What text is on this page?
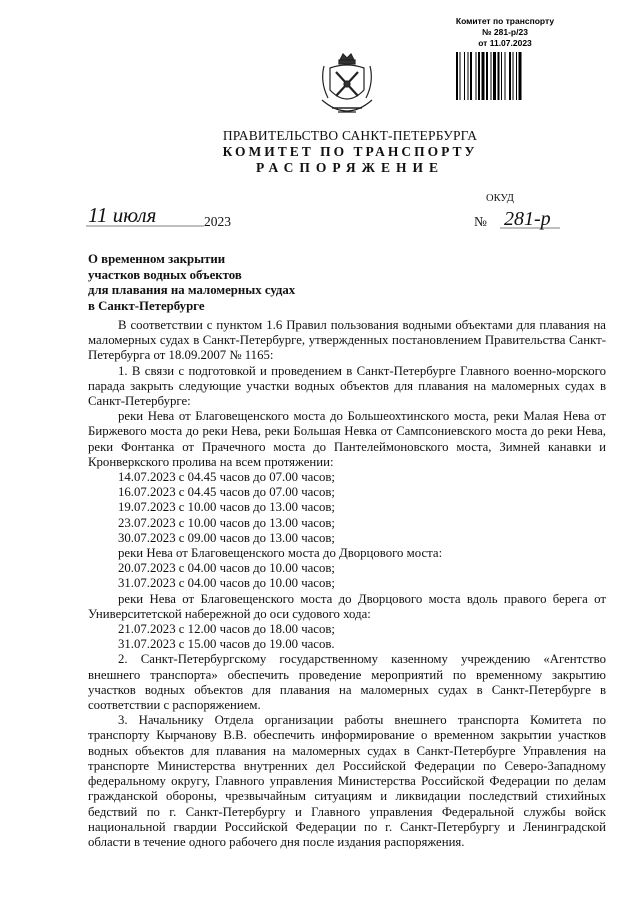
Комитет по транспорту
№ 281-р/23
от 11.07.2023
ПРАВИТЕЛЬСТВО САНКТ-ПЕТЕРБУРГА
КОМИТЕТ ПО ТРАНСПОРТУ
РАСПОРЯЖЕНИЕ
ОКУД
11 июля	2023	№ 281-р
О временном закрытии
участков водных объектов
для плавания на маломерных судах
в Санкт-Петербурге

В соответствии с пунктом 1.6 Правил пользования водными объектами для плавания на маломерных судах в Санкт-Петербурге, утвержденных постановлением Правительства Санкт-Петербурга от 18.09.2007 № 1165:

1. В связи с подготовкой и проведением в Санкт-Петербурге Главного военно-морского парада закрыть следующие участки водных объектов для плавания на маломерных судах в Санкт-Петербурге:

реки Нева от Благовещенского моста до Большеохтинского моста, реки Малая Нева от Биржевого моста до реки Нева, реки Большая Невка от Сампсониевского моста до реки Нева, реки Фонтанка от Прачечного моста до Пантелеймоновского моста, Зимней канавки и Кронверкского пролива на всем протяжении:

14.07.2023 с 04.45 часов до 07.00 часов;

16.07.2023 с 04.45 часов до 07.00 часов;

19.07.2023 с 10.00 часов до 13.00 часов;

23.07.2023 с 10.00 часов до 13.00 часов;

30.07.2023 с 09.00 часов до 13.00 часов;

реки Нева от Благовещенского моста до Дворцового моста:

20.07.2023 с 04.00 часов до 10.00 часов;

31.07.2023 с 04.00 часов до 10.00 часов;

реки Нева от Благовещенского моста до Дворцового моста вдоль правого берега от Университетской набережной до оси судового хода:

21.07.2023 с 12.00 часов до 18.00 часов;

31.07.2023 с 15.00 часов до 19.00 часов.

2. Санкт-Петербургскому государственному казенному учреждению «Агентство внешнего транспорта» обеспечить проведение мероприятий по временному закрытию участков водных объектов для плавания на маломерных судах в Санкт-Петербурге в соответствии с распоряжением.

3. Начальнику Отдела организации работы внешнего транспорта Комитета по транспорту Кырчанову В.В. обеспечить информирование о временном закрытии участков водных объектов для плавания на маломерных судах в Санкт-Петербурге Управления на транспорте Министерства внутренних дел Российской Федерации по Северо-Западному федеральному округу, Главного управления Министерства Российской Федерации по делам гражданской обороны, чрезвычайным ситуациям и ликвидации последствий стихийных бедствий по г. Санкт-Петербургу и Главного управления Федеральной службы войск национальной гвардии Российской Федерации по г. Санкт-Петербургу и Ленинградской области в течение одного рабочего дня после издания распоряжения.
